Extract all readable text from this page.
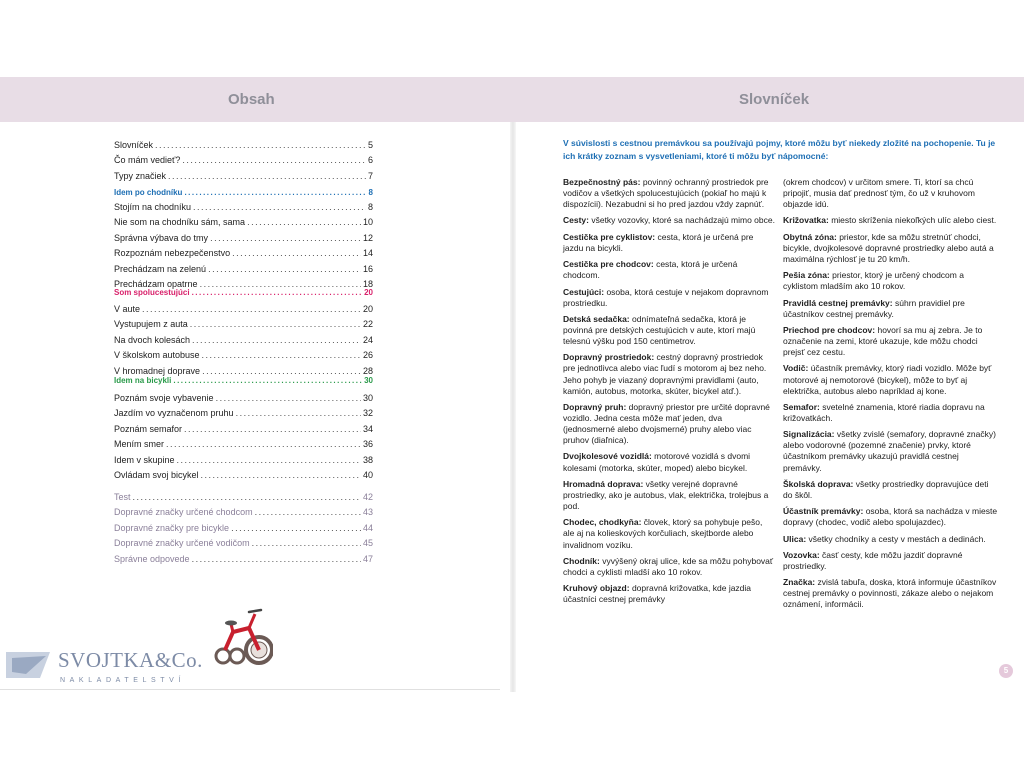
Obsah	Slovníček
Slovníček .....	5
Čo mám vedieť? .....	6
Typy značiek .....	7
Idem po chodníku .....	8
Stojím na chodníku .....	8
Nie som na chodníku sám, sama .....	10
Správna výbava do tmy .....	12
Rozpoznám nebezpečenstvo .....	14
Prechádzam na zelenú .....	16
Prechádzam opatrne .....	18
Som spolucestujúci .....	20
V aute .....	20
Vystupujem z auta .....	22
Na dvoch kolesách .....	24
V školskom autobuse .....	26
V hromadnej doprave .....	28
Idem na bicykli .....	30
Poznám svoje vybavenie .....	30
Jazdím vo vyznačenom pruhu .....	32
Poznám semafor .....	34
Mením smer .....	36
Idem v skupine .....	38
Ovládam svoj bicykel .....	40
Test .....	42
Dopravné značky určené chodcom .....	43
Dopravné značky pre bicykle .....	44
Dopravné značky určené vodičom .....	45
Správne odpovede .....	47
V súvislosti s cestnou premávkou sa používajú pojmy, ktoré môžu byť niekedy zložité na pochopenie. Tu je ich krátky zoznam s vysvetleniami, ktoré ti môžu byť nápomocné:

Bezpečnostný pás: povinný ochranný prostriedok pre vodičov a všetkých spolucestujúcich (pokiaľ ho majú k dispozícii). Nezabudni si ho pred jazdou vždy zapnúť.

Cesty: všetky vozovky, ktoré sa nachádzajú mimo obce.

Cestička pre cyklistov: cesta, ktorá je určená pre jazdu na bicykli.

Cestička pre chodcov: cesta, ktorá je určená chodcom.

Cestujúci: osoba, ktorá cestuje v nejakom dopravnom prostriedku.

Detská sedačka: odnímateľná sedačka, ktorá je povinná pre detských cestujúcich v aute, ktorí majú telesnú výšku pod 150 centimetrov.

Dopravný prostriedok: cestný dopravný prostriedok pre jednotlivca alebo viac ľudí s motorom aj bez neho. Jeho pohyb je viazaný dopravnými pravidlami (auto, kamión, autobus, motorka, skúter, bicykel atď.).

Dopravný pruh: dopravný priestor pre určité dopravné vozidlo. Jedna cesta môže mať jeden, dva (jednosmerné alebo dvojsmerné) pruhy alebo viac pruhov (diaľnica).

Dvojkolesové vozidlá: motorové vozidlá s dvomi kolesami (motorka, skúter, moped) alebo bicykel.

Hromadná doprava: všetky verejné dopravné prostriedky, ako je autobus, vlak, električka, trolejbus a pod.

Chodec, chodkyňa: človek, ktorý sa pohybuje pešo, ale aj na kolieskových korčuliach, skejtborde alebo invalidnom vozíku.

Chodník: vyvýšený okraj ulice, kde sa môžu pohybovať chodci a cyklisti mladší ako 10 rokov.

Kruhový objazd: dopravná križovatka, kde jazdia účastníci cestnej premávky

(okrem chodcov) v určitom smere. Ti, ktorí sa chcú pripojiť, musia dať prednosť tým, čo už v kruhovom objazde idú.

Križovatka: miesto skríženia niekoľkých ulíc alebo ciest.

Obytná zóna: priestor, kde sa môžu stretnúť chodci, bicykle, dvojkolesové dopravné prostriedky alebo autá a maximálna rýchlosť je tu 20 km/h.

Pešia zóna: priestor, ktorý je určený chodcom a cyklistom mladším ako 10 rokov.

Pravidlá cestnej premávky: súhrn pravidiel pre účastníkov cestnej premávky.

Priechod pre chodcov: hovorí sa mu aj zebra. Je to označenie na zemi, ktoré ukazuje, kde môžu chodci prejsť cez cestu.

Vodič: účastník premávky, ktorý riadi vozidlo. Môže byť motorové aj nemotorové (bicykel), môže to byť aj električka, autobus alebo napríklad aj kone.

Semafor: svetelné znamenia, ktoré riadia dopravu na križovatkách.

Signalizácia: všetky zvislé (semafory, dopravné značky) alebo vodorovné (pozemné značenie) prvky, ktoré účastníkom premávky ukazujú pravidlá cestnej premávky.

Školská doprava: všetky prostriedky dopravujúce deti do škôl.

Účastník premávky: osoba, ktorá sa nachádza v mieste dopravy (chodec, vodič alebo spolujazdec).

Ulica: všetky chodníky a cesty v mestách a dedinách.

Vozovka: časť cesty, kde môžu jazdiť dopravné prostriedky.

Značka: zvislá tabuľa, doska, ktorá informuje účastníkov cestnej premávky o povinnosti, zákaze alebo o nejakom oznámení, informácii.

SVOJTKA&Co.
NAKLADATELSTVÍ
5
